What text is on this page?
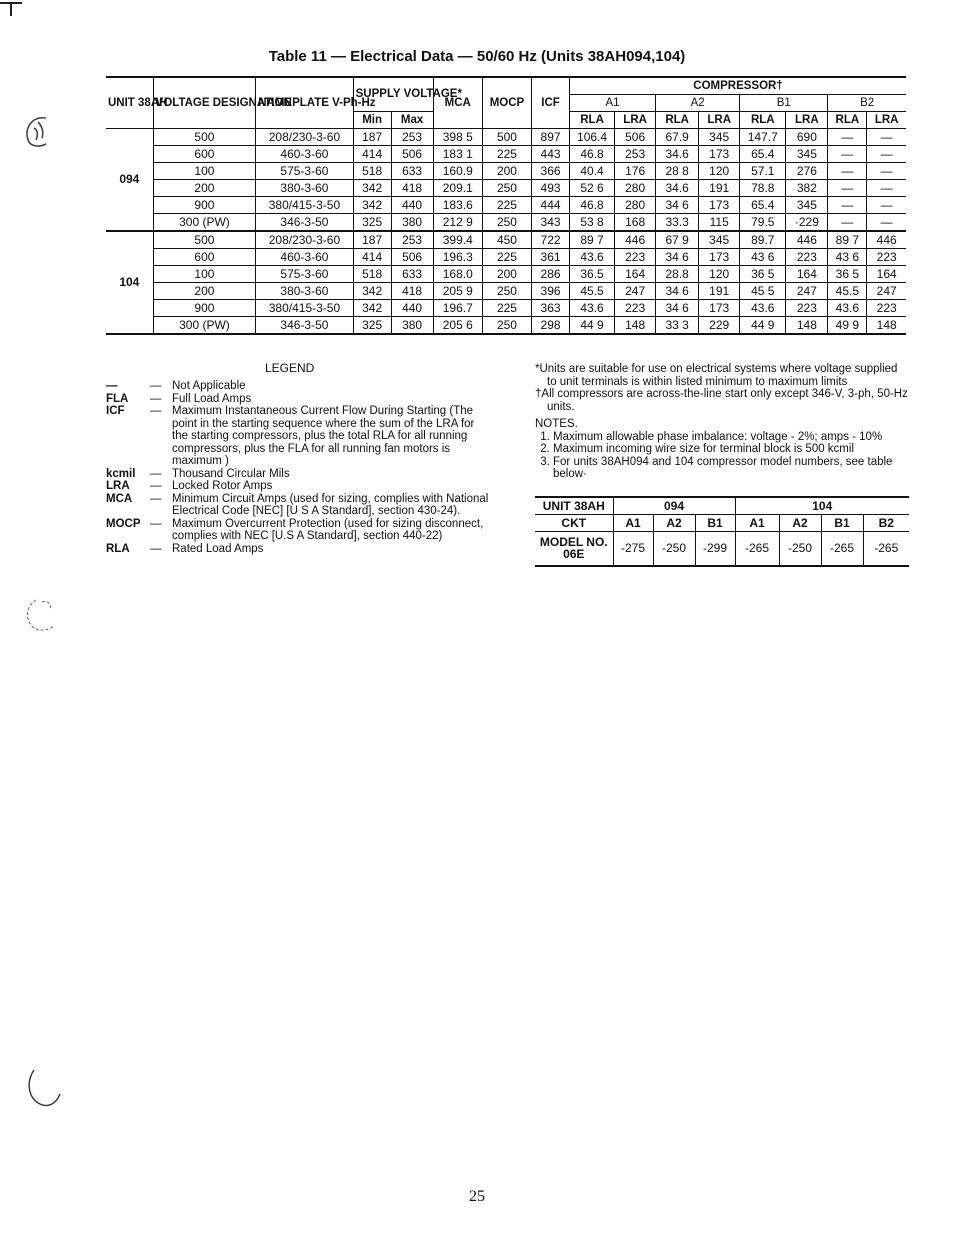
Table 11 — Electrical Data — 50/60 Hz (Units 38AH094,104)
UNIT 38AH	VOLTAGE DESIGNATION	NAMEPLATE V-Ph-Hz	SUPPLY VOLTAGE*		MCA	MOCP	ICF	COMPRESSOR†							
								A1		A2		B1		B2	
			Min	Max				RLA	LRA	RLA	LRA	RLA	LRA	RLA	LRA
094	500	208/230-3-60	187	253	398 5	500	897	106.4	506	67.9	345	147.7	690	—	—
	600	460-3-60	414	506	183 1	225	443	46.8	253	34.6	173	65.4	345	—	—
	100	575-3-60	518	633	160.9	200	366	40.4	176	28 8	120	57.1	276	—	—
	200	380-3-60	342	418	209.1	250	493	52 6	280	34.6	191	78.8	382	—	—
	900	380/415-3-50	342	440	183.6	225	444	46.8	280	34 6	173	65.4	345	—	—
	300 (PW)	346-3-50	325	380	212 9	250	343	53 8	168	33.3	115	79.5	·229	—	—
104	500	208/230-3-60	187	253	399.4	450	722	89 7	446	67 9	345	89.7	446	89 7	446
	600	460-3-60	414	506	196.3	225	361	43.6	223	34 6	173	43 6	223	43 6	223
	100	575-3-60	518	633	168.0	200	286	36.5	164	28.8	120	36 5	164	36 5	164
	200	380-3-60	342	418	205 9	250	396	45.5	247	34 6	191	45 5	247	45.5	247
	900	380/415-3-50	342	440	196.7	225	363	43.6	223	34 6	173	43.6	223	43.6	223
	300 (PW)	346-3-50	325	380	205 6	250	298	44 9	148	33 3	229	44 9	148	49 9	148
LEGEND
—	—	Not Applicable
FLA	—	Full Load Amps
ICF	—	Maximum Instantaneous Current Flow During Starting (The point in the starting sequence where the sum of the LRA for the starting compressors, plus the total RLA for all running compressors, plus the FLA for all running fan motors is maximum )
kcmil	—	Thousand Circular Mils
LRA	—	Locked Rotor Amps
MCA	—	Minimum Circuit Amps (used for sizing, complies with National Electrical Code [NEC] [U S A Standard], section 430-24).
MOCP	—	Maximum Overcurrent Protection (used for sizing disconnect, complies with NEC [U.S A Standard], section 440-22)
RLA	—	Rated Load Amps

*Units are suitable for use on electrical systems where voltage supplied to unit terminals is within listed minimum to maximum limits

†All compressors are across-the-line start only except 346-V, 3-ph, 50-Hz units.

NOTES.

1. Maximum allowable phase imbalance: voltage - 2%; amps - 10%
2. Maximum incoming wire size for terminal block is 500 kcmil
3. For units 38AH094 and 104 compressor model numbers, see table below·
UNIT 38AH	094			104			
CKT	A1	A2	B1	A1	A2	B1	B2
MODEL NO. 06E	-275	-250	-299	-265	-250	-265	-265
25
